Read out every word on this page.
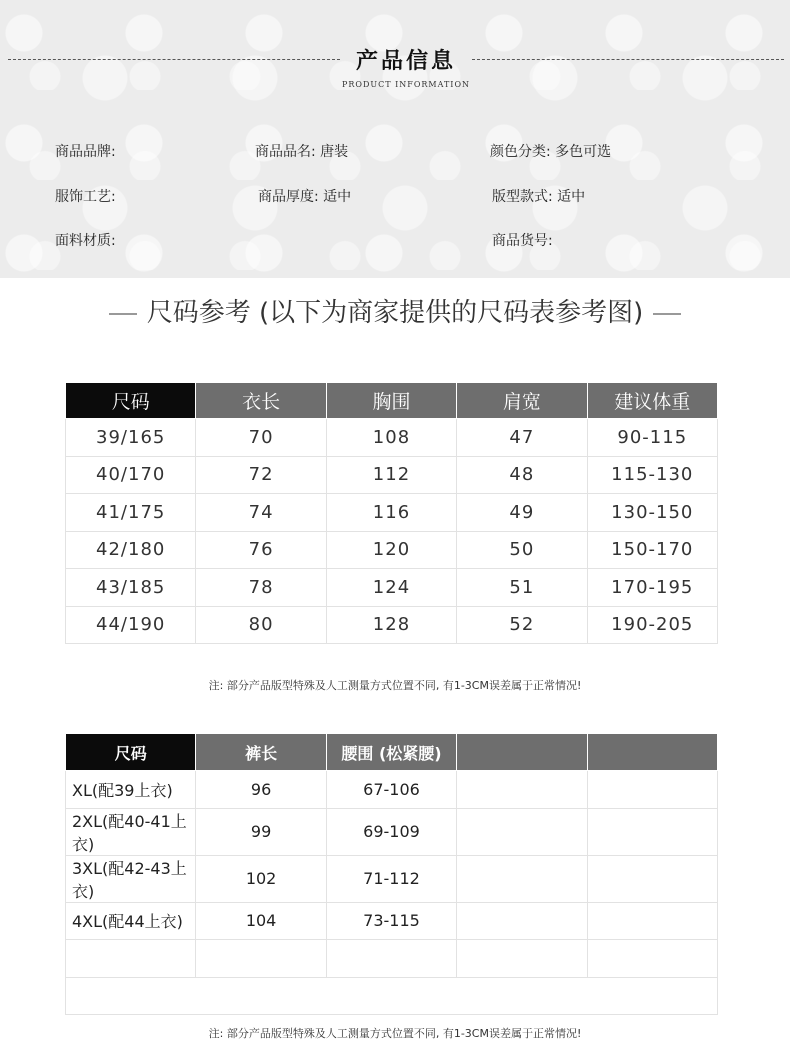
产品信息
PRODUCT INFORMATION
商品品牌:	商品品名: 唐装	颜色分类: 多色可选
服饰工艺:	商品厚度: 适中	版型款式: 适中
面料材质:	商品货号:
尺码参考 (以下为商家提供的尺码表参考图)
尺码	衣长	胸围	肩宽	建议体重
39/165	70	108	47	90-115
40/170	72	112	48	115-130
41/175	74	116	49	130-150
42/180	76	120	50	150-170
43/185	78	124	51	170-195
44/190	80	128	52	190-205
注: 部分产品版型特殊及人工测量方式位置不同, 有1-3CM误差属于正常情况!
尺码	裤长	腰围 (松紧腰)		
XL(配39上衣)	96	67-106		
2XL(配40-41上衣)	99	69-109		
3XL(配42-43上衣)	102	71-112		
4XL(配44上衣)	104	73-115		

注: 部分产品版型特殊及人工测量方式位置不同, 有1-3CM误差属于正常情况!
